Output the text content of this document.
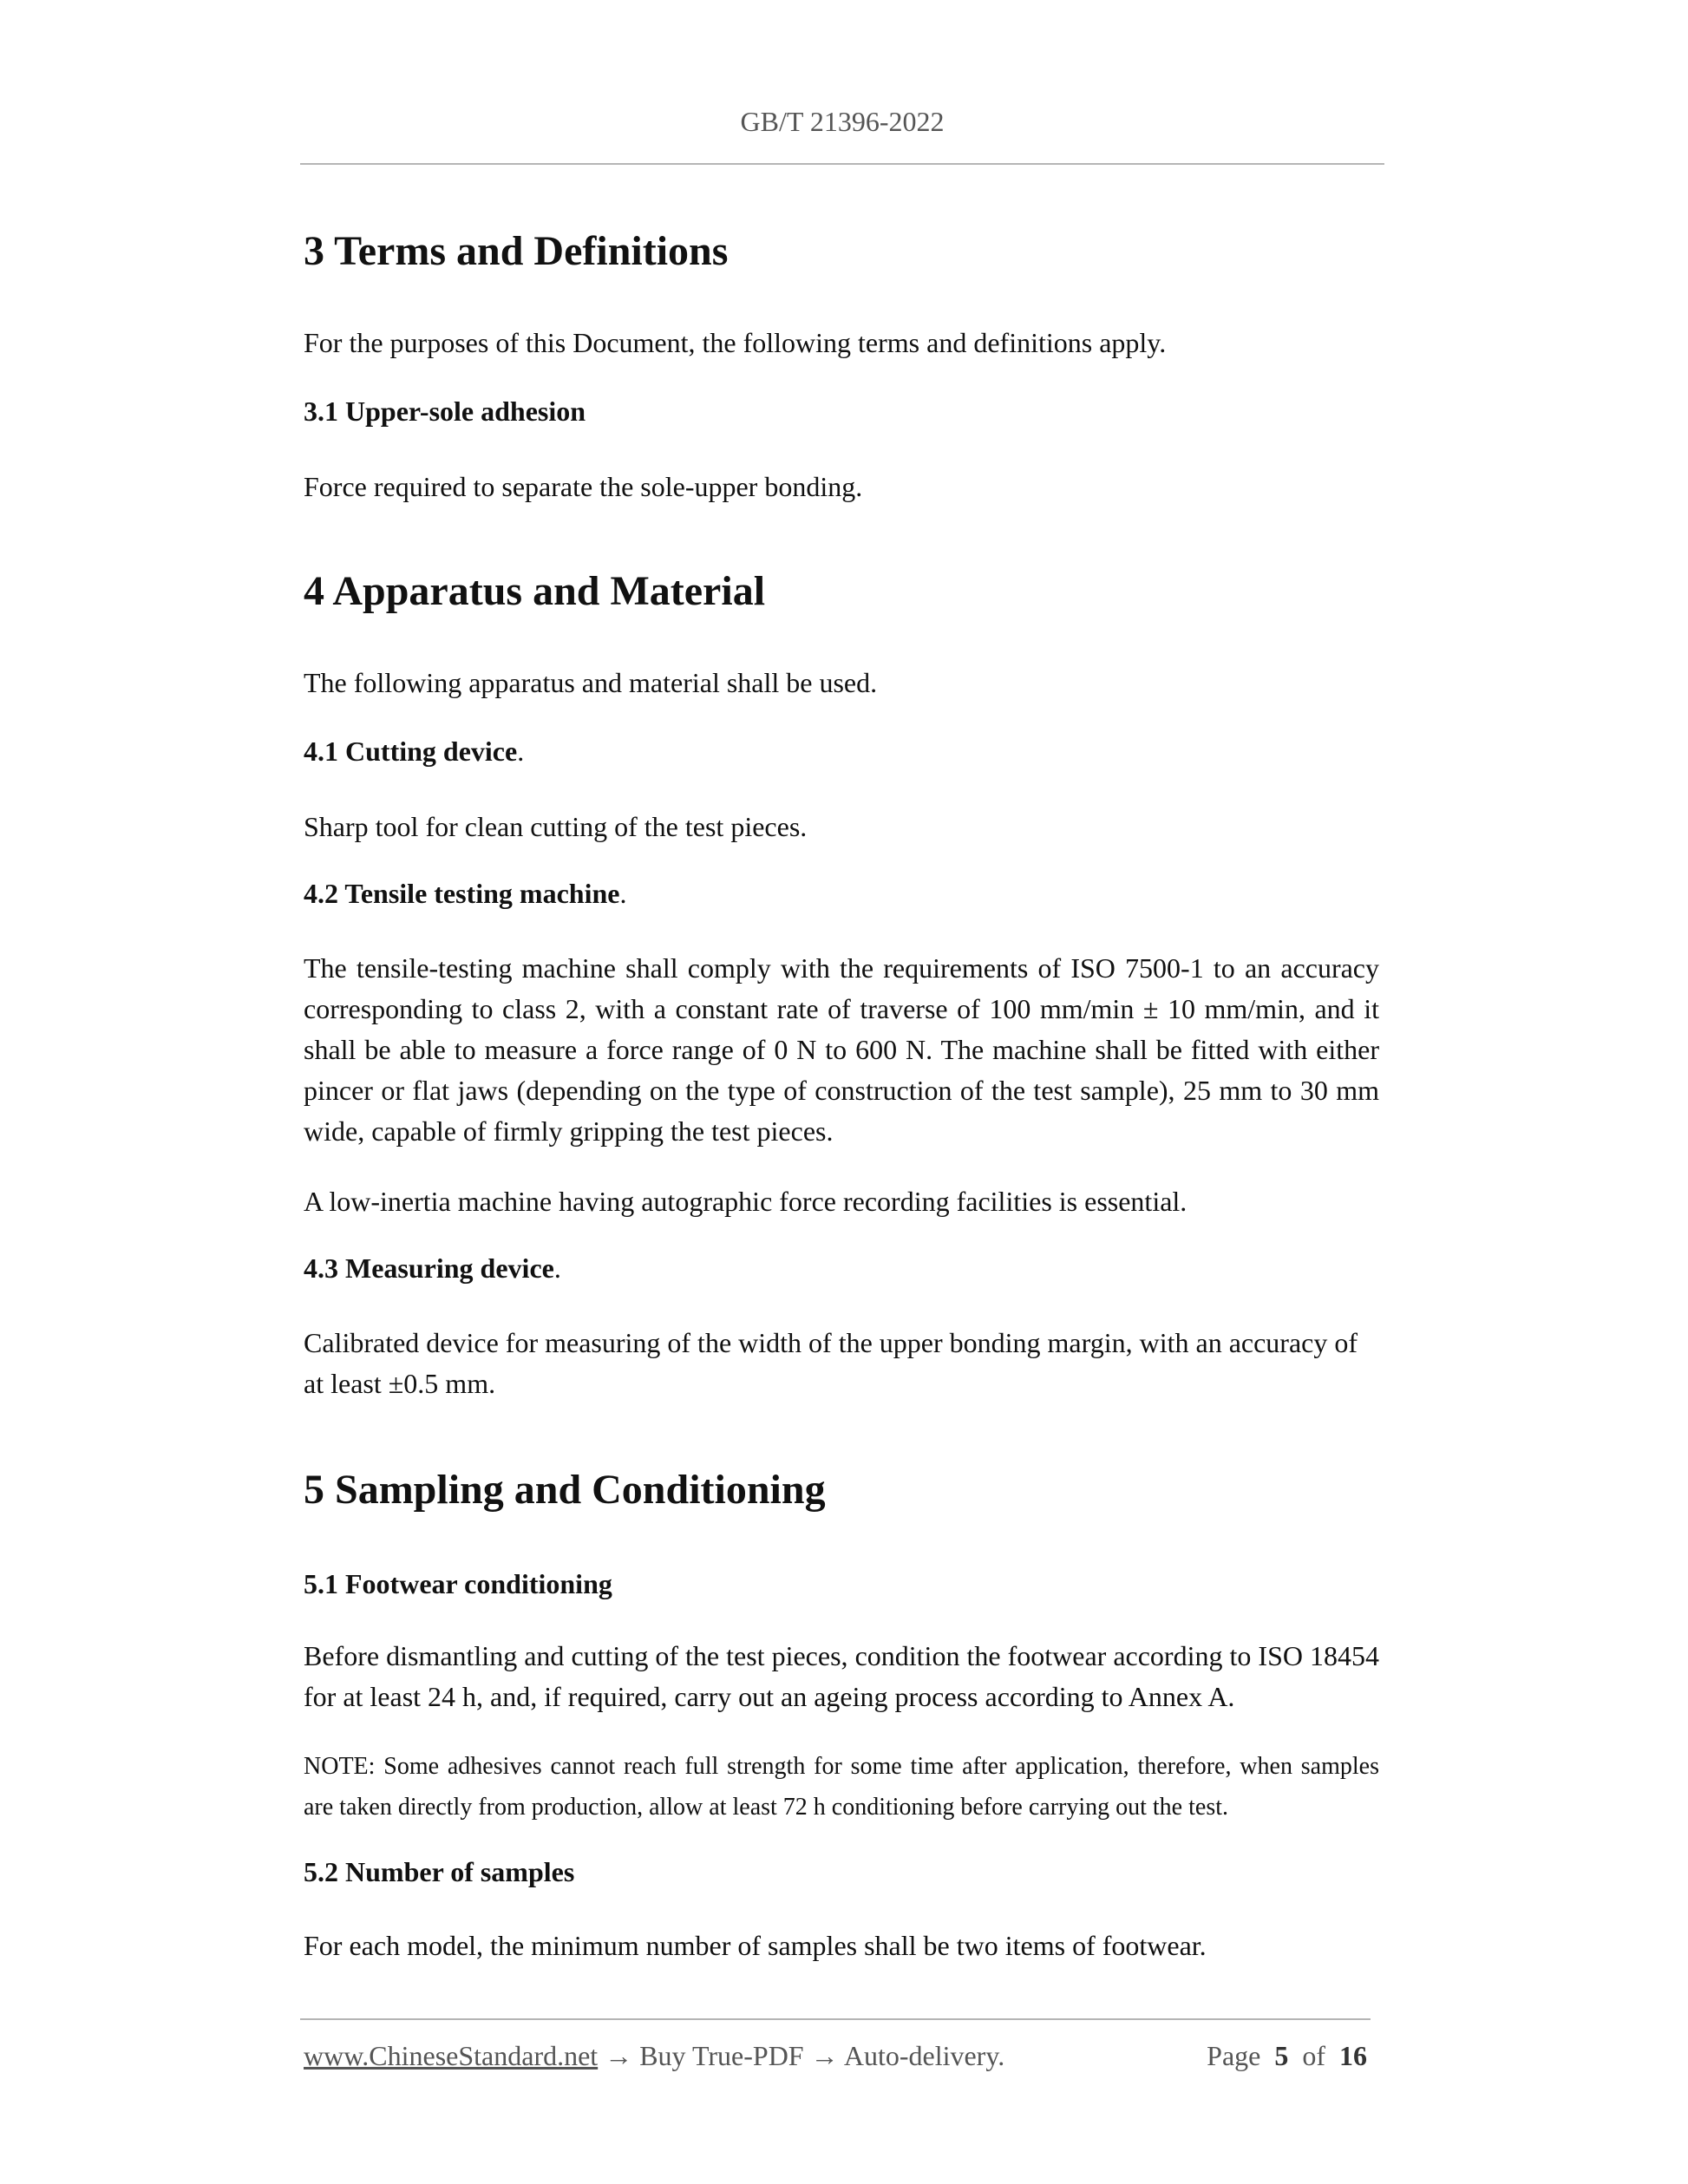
GB/T 21396-2022
3 Terms and Definitions
For the purposes of this Document, the following terms and definitions apply.
3.1 Upper-sole adhesion
Force required to separate the sole-upper bonding.
4 Apparatus and Material
The following apparatus and material shall be used.
4.1 Cutting device.
Sharp tool for clean cutting of the test pieces.
4.2 Tensile testing machine.
The tensile-testing machine shall comply with the requirements of ISO 7500-1 to an accuracy corresponding to class 2, with a constant rate of traverse of 100 mm/min ± 10 mm/min, and it shall be able to measure a force range of 0 N to 600 N. The machine shall be fitted with either pincer or flat jaws (depending on the type of construction of the test sample), 25 mm to 30 mm wide, capable of firmly gripping the test pieces.
A low-inertia machine having autographic force recording facilities is essential.
4.3 Measuring device.
Calibrated device for measuring of the width of the upper bonding margin, with an accuracy of at least ±0.5 mm.
5 Sampling and Conditioning
5.1 Footwear conditioning
Before dismantling and cutting of the test pieces, condition the footwear according to ISO 18454 for at least 24 h, and, if required, carry out an ageing process according to Annex A.
NOTE: Some adhesives cannot reach full strength for some time after application, therefore, when samples are taken directly from production, allow at least 72 h conditioning before carrying out the test.
5.2 Number of samples
For each model, the minimum number of samples shall be two items of footwear.
www.ChineseStandard.net → Buy True-PDF → Auto-delivery.	Page 5 of 16
